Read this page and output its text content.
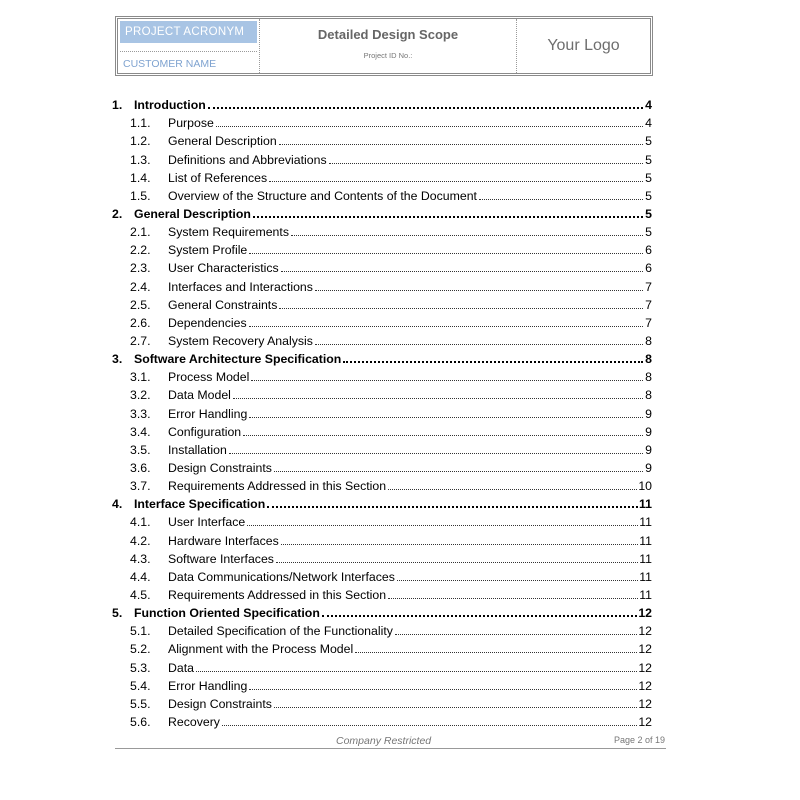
PROJECT ACRONYM
CUSTOMER NAME
Detailed Design Scope
Project ID No.:
Your Logo
1. Introduction	4
1.1.	Purpose	4
1.2.	General Description	5
1.3.	Definitions and Abbreviations	5
1.4.	List of References	5
1.5.	Overview of the Structure and Contents of the Document	5
2. General Description	5
2.1.	System Requirements	5
2.2.	System Profile	6
2.3.	User Characteristics	6
2.4.	Interfaces and Interactions	7
2.5.	General Constraints	7
2.6.	Dependencies	7
2.7.	System Recovery Analysis	8
3. Software Architecture Specification	8
3.1.	Process Model	8
3.2.	Data Model	8
3.3.	Error Handling	9
3.4.	Configuration	9
3.5.	Installation	9
3.6.	Design Constraints	9
3.7.	Requirements Addressed in this Section	10
4. Interface Specification	11
4.1.	User Interface	11
4.2.	Hardware Interfaces	11
4.3.	Software Interfaces	11
4.4.	Data Communications/Network Interfaces	11
4.5.	Requirements Addressed in this Section	11
5. Function Oriented Specification	12
5.1.	Detailed Specification of the Functionality	12
5.2.	Alignment with the Process Model	12
5.3.	Data	12
5.4.	Error Handling	12
5.5.	Design Constraints	12
5.6.	Recovery	12
Company Restricted	Page 2 of 19
